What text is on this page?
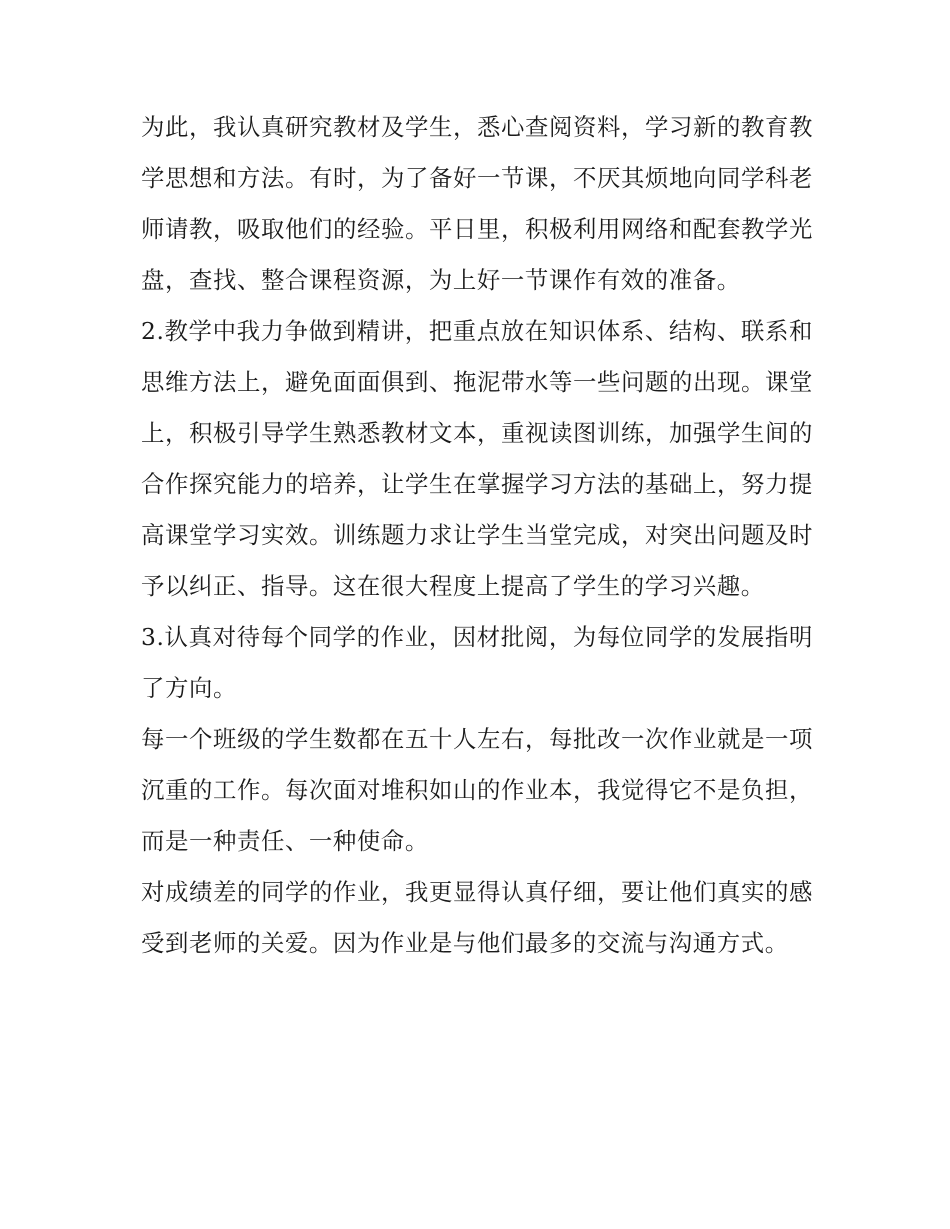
为此，我认真研究教材及学生，悉心查阅资料，学习新的教育教学思想和方法。有时，为了备好一节课，不厌其烦地向同学科老师请教，吸取他们的经验。平日里，积极利用网络和配套教学光盘，查找、整合课程资源，为上好一节课作有效的准备。

2.教学中我力争做到精讲，把重点放在知识体系、结构、联系和思维方法上，避免面面俱到、拖泥带水等一些问题的出现。课堂上，积极引导学生熟悉教材文本，重视读图训练，加强学生间的合作探究能力的培养，让学生在掌握学习方法的基础上，努力提高课堂学习实效。训练题力求让学生当堂完成，对突出问题及时予以纠正、指导。这在很大程度上提高了学生的学习兴趣。

3.认真对待每个同学的作业，因材批阅，为每位同学的发展指明了方向。

每一个班级的学生数都在五十人左右，每批改一次作业就是一项沉重的工作。每次面对堆积如山的作业本，我觉得它不是负担，而是一种责任、一种使命。

对成绩差的同学的作业，我更显得认真仔细，要让他们真实的感受到老师的关爱。因为作业是与他们最多的交流与沟通方式。
